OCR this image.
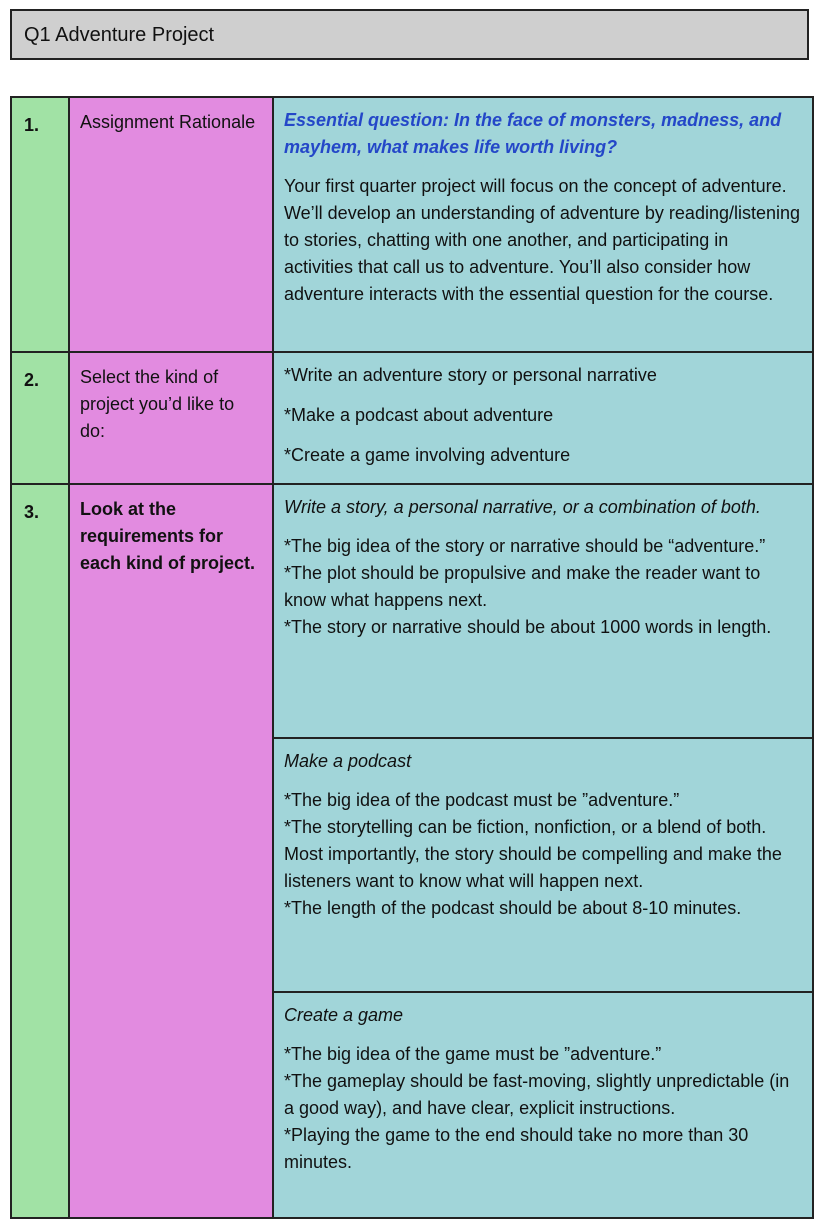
Q1 Adventure Project
1.	Assignment Rationale	Essential question: In the face of monsters, madness, and mayhem, what makes life worth living?

Your first quarter project will focus on the concept of adventure. We’ll develop an understanding of adventure by reading/listening to stories, chatting with one another, and participating in activities that call us to adventure. You’ll also consider how adventure interacts with the essential question for the course.

2.	Select the kind of project you’d like to do:	*Write an adventure story or personal narrative

*Make a podcast about adventure

*Create a game involving adventure

3.	Look at the requirements for each kind of project.	Write a story, a personal narrative, or a combination of both.

*The big idea of the story or narrative should be “adventure.”

*The plot should be propulsive and make the reader want to know what happens next.

*The story or narrative should be about 1000 words in length.

		Make a podcast

*The big idea of the podcast must be ”adventure.”

*The storytelling can be fiction, nonfiction, or a blend of both. Most importantly, the story should be compelling and make the listeners want to know what will happen next.

*The length of the podcast should be about 8-10 minutes.

		Create a game

*The big idea of the game must be ”adventure.”

*The gameplay should be fast-moving, slightly unpredictable (in a good way), and have clear, explicit instructions.

*Playing the game to the end should take no more than 30 minutes.
